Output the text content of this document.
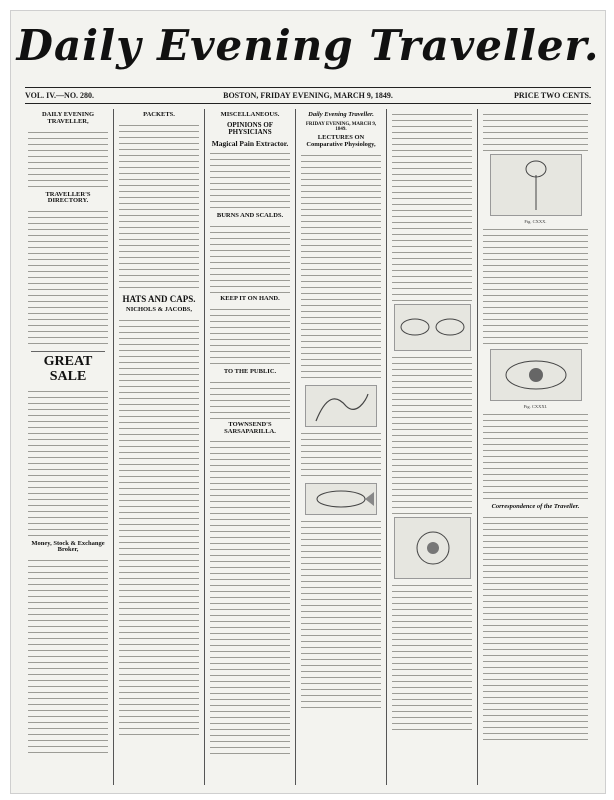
Daily Evening Traveller.
VOL. IV.—NO. 280.	BOSTON, FRIDAY EVENING, MARCH 9, 1849.	PRICE TWO CENTS.
DAILY EVENING TRAVELLER,
TRAVELLER'S DIRECTORY.
GREAT SALE
Money, Stock & Exchange Broker,
PACKETS.
HATS AND CAPS.
NICHOLS & JACOBS,
MISCELLANEOUS.
OPINIONS OF PHYSICIANS
Magical Pain Extractor.
BURNS AND SCALDS.
KEEP IT ON HAND.
TO THE PUBLIC.
TOWNSEND'S SARSAPARILLA.
Daily Evening Traveller.
FRIDAY EVENING, MARCH 9, 1849.
LECTURES ON Comparative Physiology,
Fig. CXXX.
Fig. CXXXI.
Correspondence of the Traveller.
